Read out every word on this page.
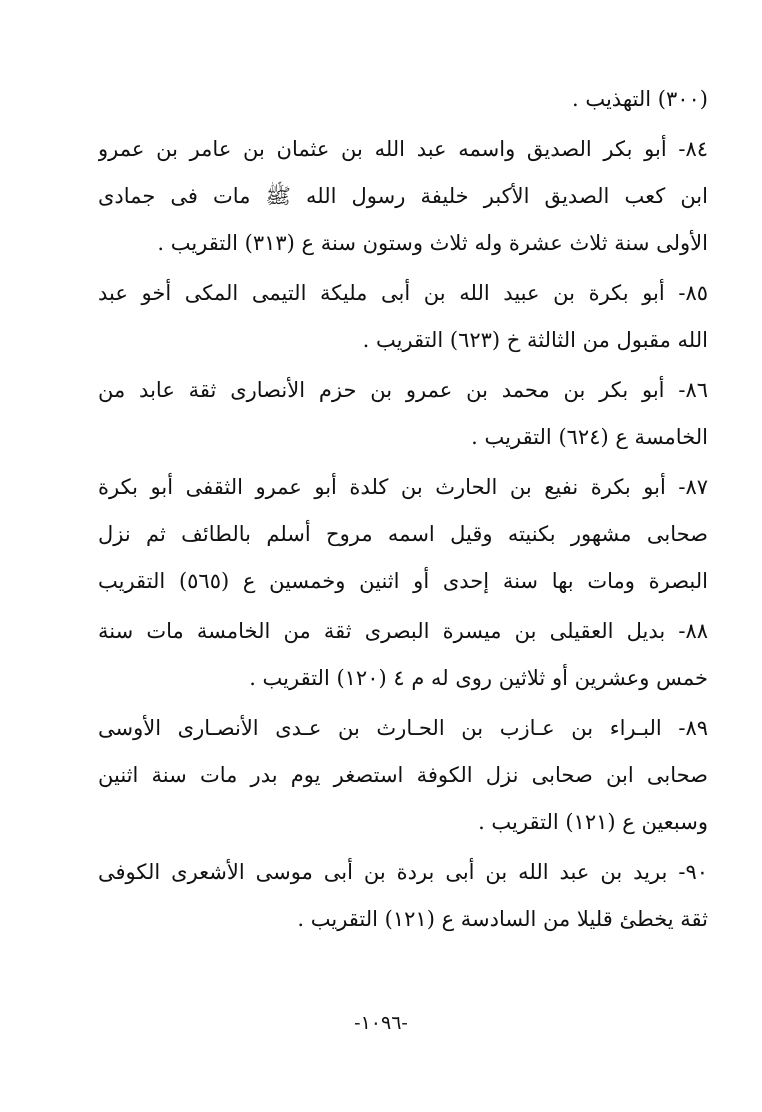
(٣٠٠) التهذيب .
٨٤- أبو بكر الصديق واسمه عبد الله بن عثمان بن عامر بن عمرو
ابن كعب الصديق الأكبر خليفة رسول الله ﷺ مات فى جمادى
الأولى سنة ثلاث عشرة وله ثلاث وستون سنة ع (٣١٣) التقريب .
٨٥- أبو بكرة بن عبيد الله بن أبى مليكة التيمى المكى أخو عبد
الله مقبول من الثالثة خ (٦٢٣) التقريب .
٨٦- أبو بكر بن محمد بن عمرو بن حزم الأنصارى ثقة عابد من
الخامسة ع (٦٢٤) التقريب .
٨٧- أبو بكرة نفيع بن الحارث بن كلدة أبو عمرو الثقفى أبو بكرة
صحابى مشهور بكنيته وقيل اسمه مروح أسلم بالطائف ثم نزل
البصرة ومات بها سنة إحدى أو اثنين وخمسين ع (٥٦٥) التقريب
٨٨- بديل العقيلى بن ميسرة البصرى ثقة من الخامسة مات سنة
خمس وعشرين أو ثلاثين روى له م ٤ (١٢٠) التقريب .
٨٩- البـراء بن عـازب بن الحـارث بن عـدى الأنصـارى الأوسى
صحابى ابن صحابى نزل الكوفة استصغر يوم بدر مات سنة اثنين
وسبعين ع (١٢١) التقريب .
٩٠- بريد بن عبد الله بن أبى بردة بن أبى موسى الأشعرى الكوفى
ثقة يخطئ قليلا من السادسة ع (١٢١) التقريب .
-١٠٩٦-
